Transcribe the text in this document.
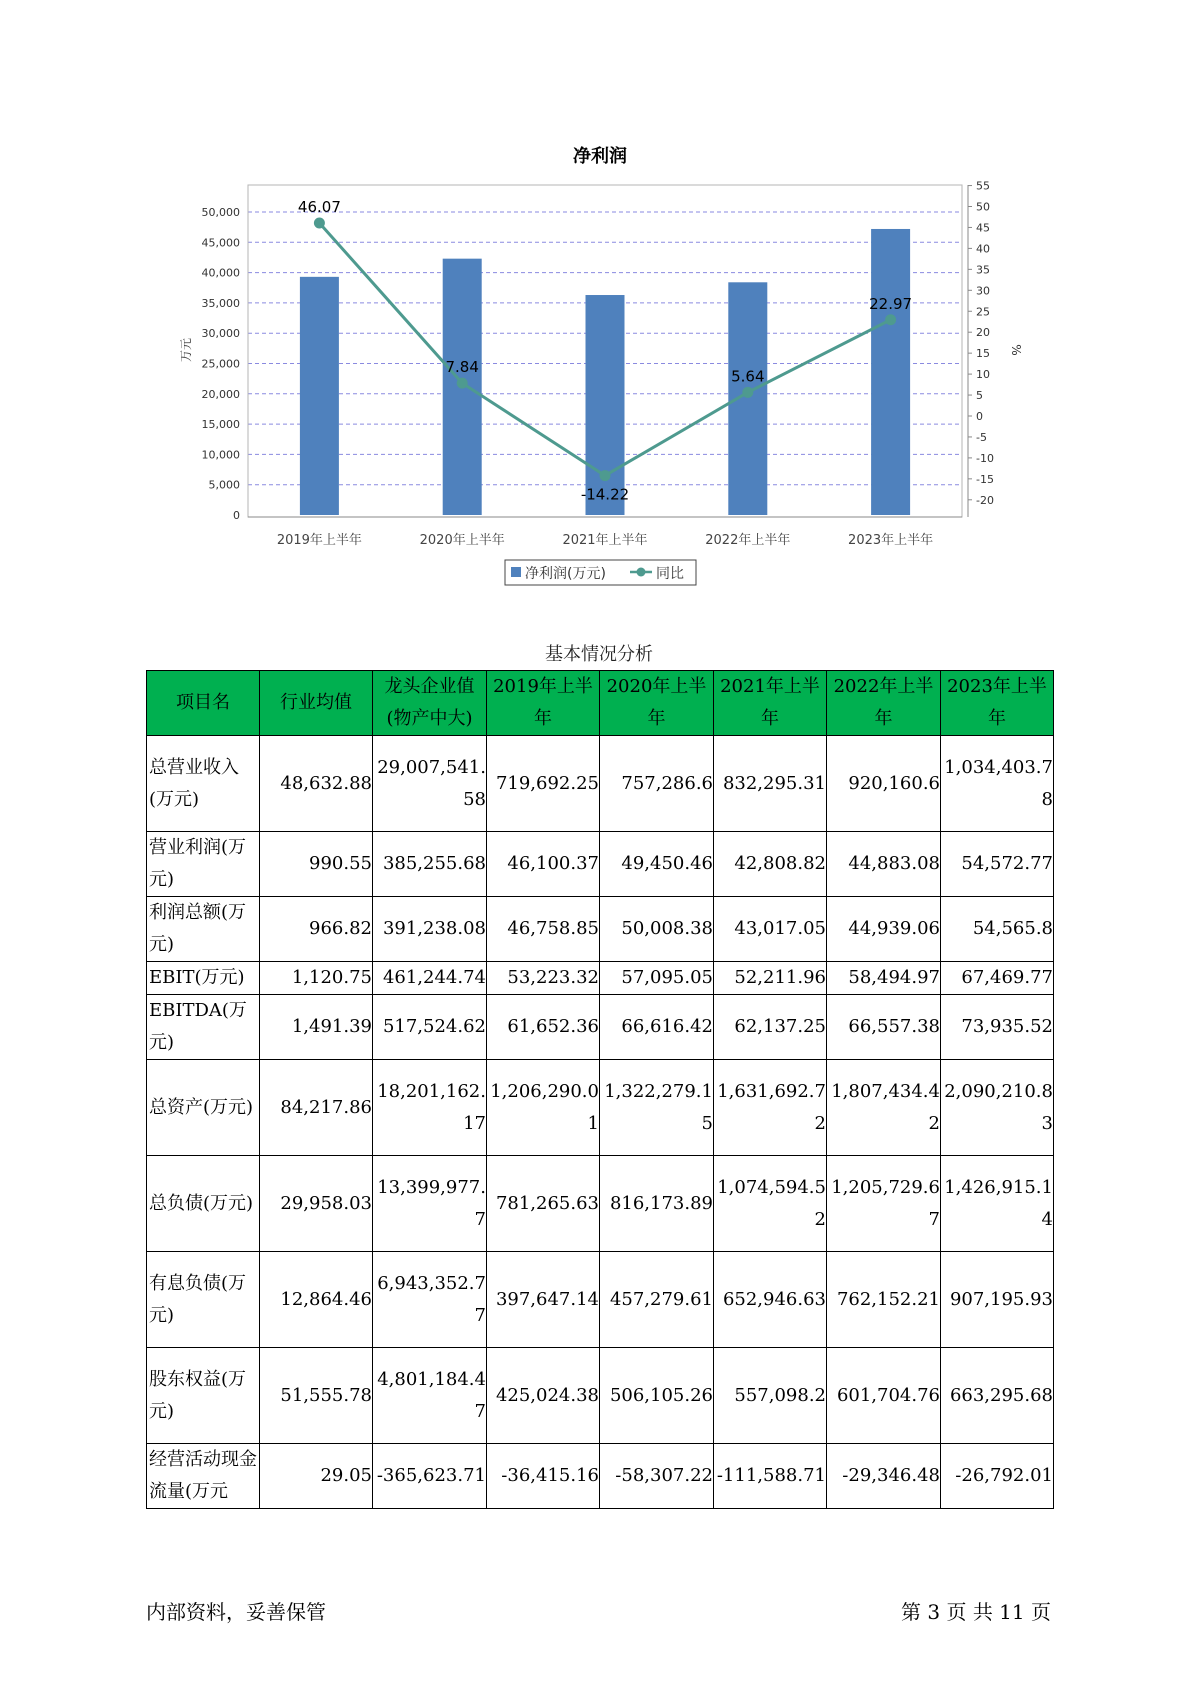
净利润
46.07
7.84
-14.22
5.64
22.97
0
5,000
10,000
15,000
20,000
25,000
30,000
35,000
40,000
45,000
50,000
-20
-15
-10
-5
0
5
10
15
20
25
30
35
40
45
50
55
2019年上半年	2020年上半年	2021年上半年	2022年上半年	2023年上半年
万元	%
净利润(万元)	同比
基本情况分析
项目名	行业均值	龙头企业值(物产中大)	2019年上半年	2020年上半年	2021年上半年	2022年上半年	2023年上半年
总营业收入(万元)	48,632.88	29,007,541.58	719,692.25	757,286.6	832,295.31	920,160.6	1,034,403.78
营业利润(万元)	990.55	385,255.68	46,100.37	49,450.46	42,808.82	44,883.08	54,572.77
利润总额(万元)	966.82	391,238.08	46,758.85	50,008.38	43,017.05	44,939.06	54,565.8
EBIT(万元)	1,120.75	461,244.74	53,223.32	57,095.05	52,211.96	58,494.97	67,469.77
EBITDA(万元)	1,491.39	517,524.62	61,652.36	66,616.42	62,137.25	66,557.38	73,935.52
总资产(万元)	84,217.86	18,201,162.17	1,206,290.01	1,322,279.15	1,631,692.72	1,807,434.42	2,090,210.83
总负债(万元)	29,958.03	13,399,977.7	781,265.63	816,173.89	1,074,594.52	1,205,729.67	1,426,915.14
有息负债(万元)	12,864.46	6,943,352.77	397,647.14	457,279.61	652,946.63	762,152.21	907,195.93
股东权益(万元)	51,555.78	4,801,184.47	425,024.38	506,105.26	557,098.2	601,704.76	663,295.68
经营活动现金流量(万元	29.05	-365,623.71	-36,415.16	-58,307.22	-111,588.71	-29,346.48	-26,792.01
内部资料，妥善保管	第 3 页 共 11 页
